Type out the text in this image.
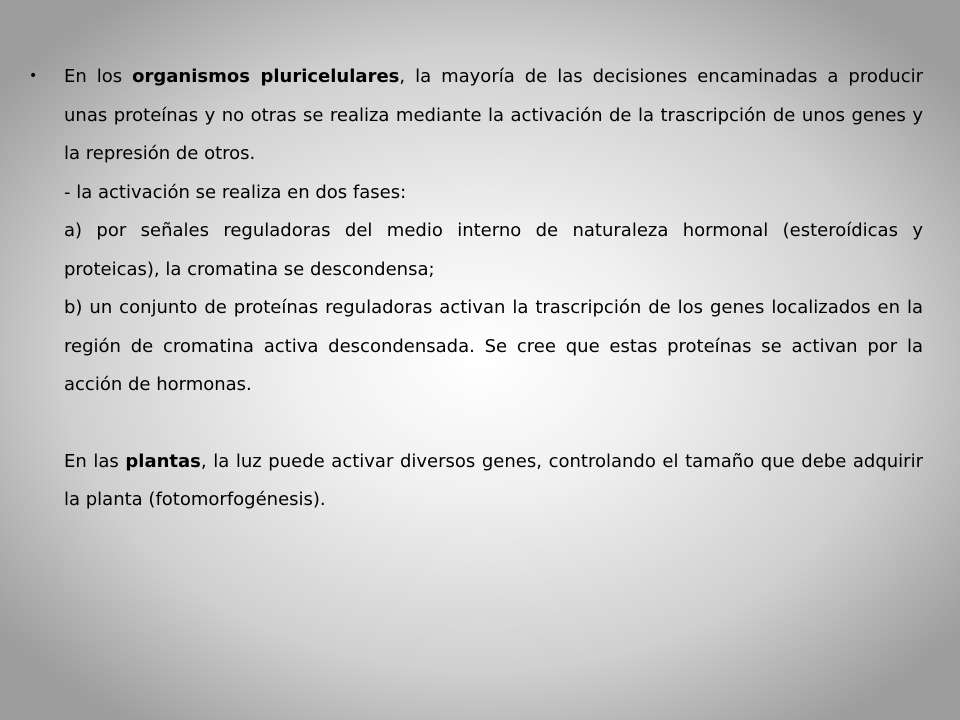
• En los organismos pluricelulares, la mayoría de las decisiones encaminadas a producir unas proteínas y no otras se realiza mediante la activación de la trascripción de unos genes y la represión de otros.

- la activación se realiza en dos fases:

a) por señales reguladoras del medio interno de naturaleza hormonal (esteroídicas y proteicas), la cromatina se descondensa;

b) un conjunto de proteínas reguladoras activan la trascripción de los genes localizados en la región de cromatina activa descondensada. Se cree que estas proteínas se activan por la acción de hormonas.

En las plantas, la luz puede activar diversos genes, controlando el tamaño que debe adquirir la planta (fotomorfogénesis).
